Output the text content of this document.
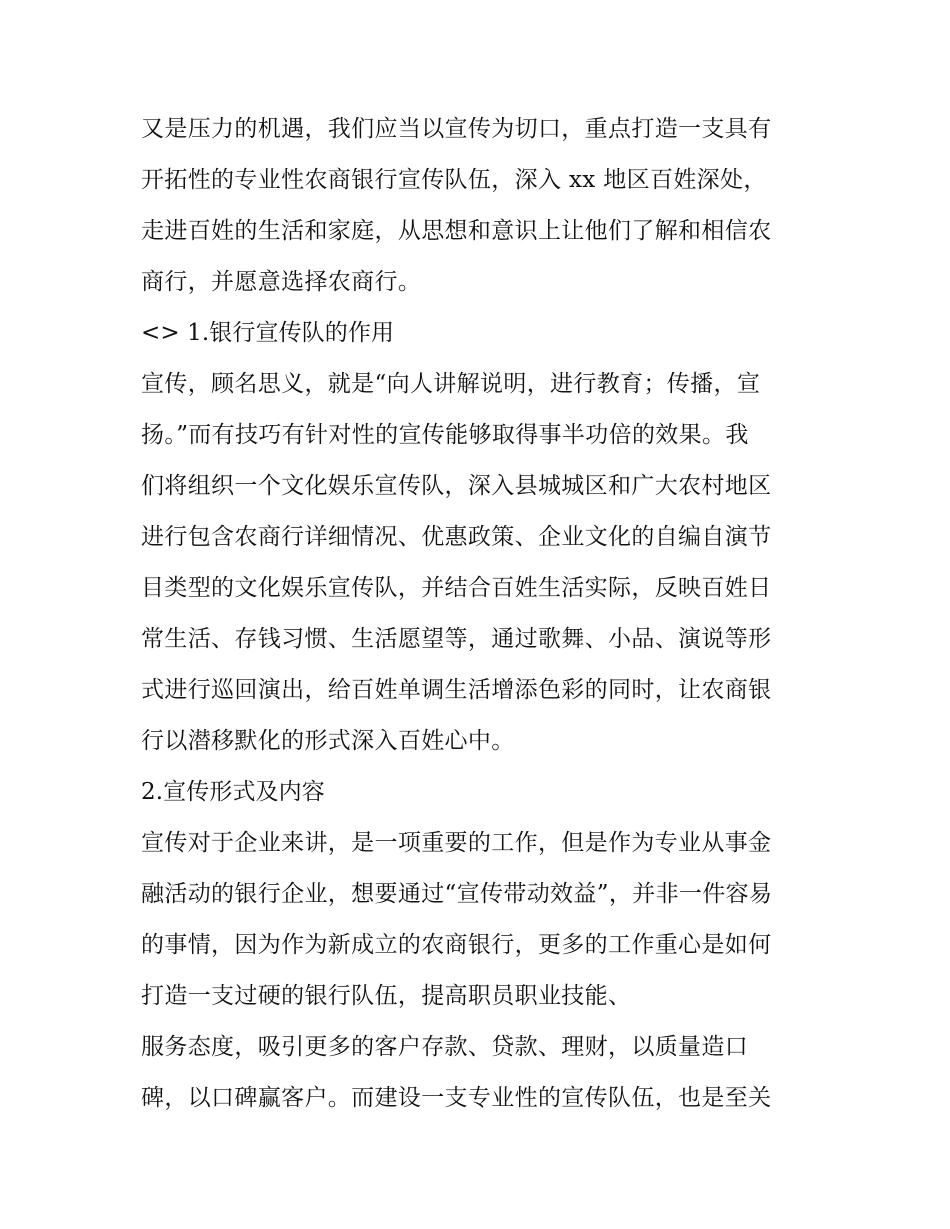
又是压力的机遇，我们应当以宣传为切口，重点打造一支具有
开拓性的专业性农商银行宣传队伍，深入 xx 地区百姓深处，
走进百姓的生活和家庭，从思想和意识上让他们了解和相信农
商行，并愿意选择农商行。
<> 1.银行宣传队的作用
宣传，顾名思义，就是“向人讲解说明，进行教育；传播，宣
扬。”而有技巧有针对性的宣传能够取得事半功倍的效果。我
们将组织一个文化娱乐宣传队，深入县城城区和广大农村地区
进行包含农商行详细情况、优惠政策、企业文化的自编自演节
目类型的文化娱乐宣传队，并结合百姓生活实际，反映百姓日
常生活、存钱习惯、生活愿望等，通过歌舞、小品、演说等形
式进行巡回演出，给百姓单调生活增添色彩的同时，让农商银
行以潜移默化的形式深入百姓心中。
2.宣传形式及内容
宣传对于企业来讲，是一项重要的工作，但是作为专业从事金
融活动的银行企业，想要通过“宣传带动效益”，并非一件容易
的事情，因为作为新成立的农商银行，更多的工作重心是如何
打造一支过硬的银行队伍，提高职员职业技能、
服务态度，吸引更多的客户存款、贷款、理财，以质量造口
碑，以口碑赢客户。而建设一支专业性的宣传队伍，也是至关
